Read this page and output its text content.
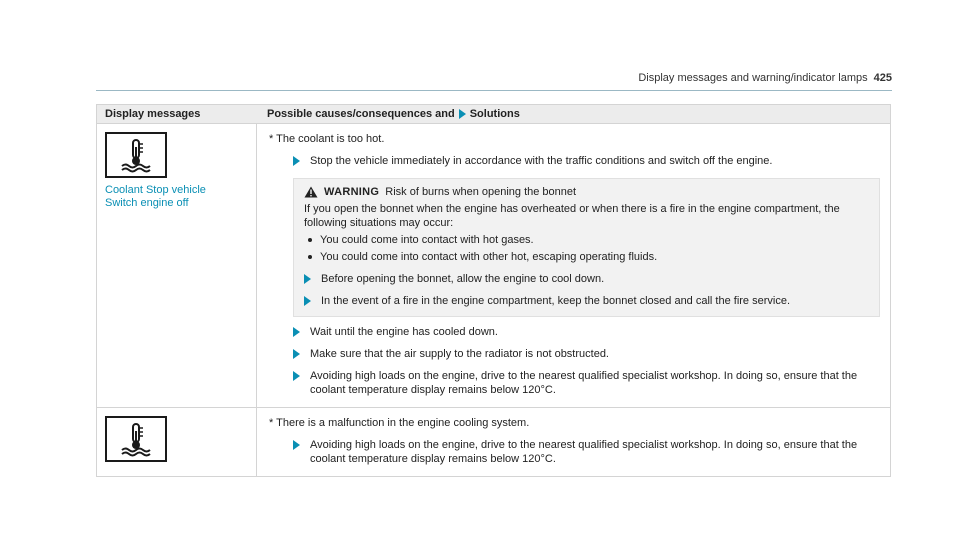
Display messages and warning/indicator lamps 425
Display messages	Possible causes/consequences and Solutions
Coolant Stop vehicle
Switch engine off
* The coolant is too hot.
Stop the vehicle immediately in accordance with the traffic conditions and switch off the engine.
WARNING Risk of burns when opening the bonnet
If you open the bonnet when the engine has overheated or when there is a fire in the engine compartment, the following situations may occur:
You could come into contact with hot gases.
You could come into contact with other hot, escaping operating fluids.
Before opening the bonnet, allow the engine to cool down.
In the event of a fire in the engine compartment, keep the bonnet closed and call the fire service.
Wait until the engine has cooled down.
Make sure that the air supply to the radiator is not obstructed.
Avoiding high loads on the engine, drive to the nearest qualified specialist workshop. In doing so, ensure that the coolant temperature display remains below 120°C.
* There is a malfunction in the engine cooling system.
Avoiding high loads on the engine, drive to the nearest qualified specialist workshop. In doing so, ensure that the coolant temperature display remains below 120°C.
